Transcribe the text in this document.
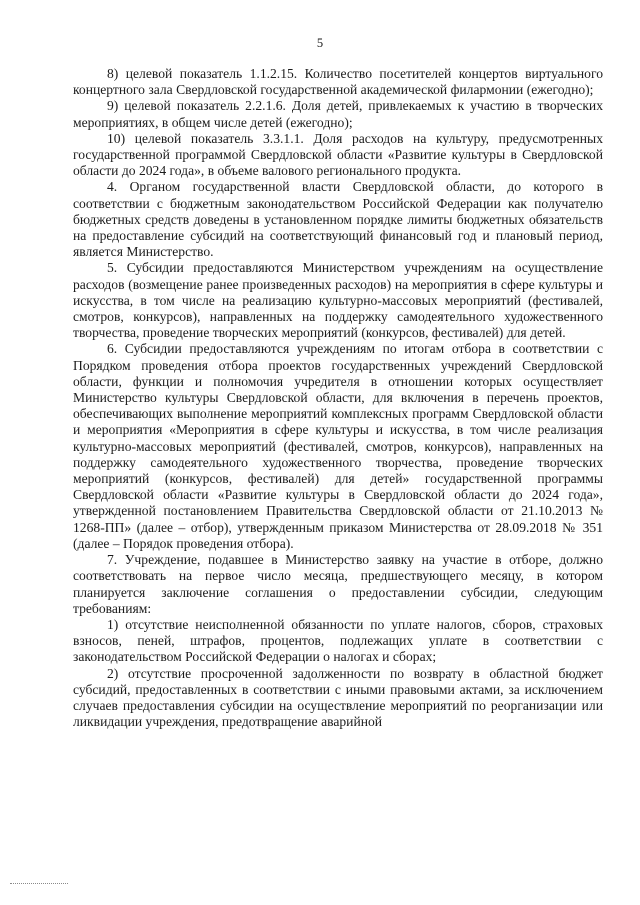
5

8) целевой показатель 1.1.2.15. Количество посетителей концертов виртуального концертного зала Свердловской государственной академической филармонии (ежегодно);

9) целевой показатель 2.2.1.6. Доля детей, привлекаемых к участию в творческих мероприятиях, в общем числе детей (ежегодно);

10) целевой показатель 3.3.1.1. Доля расходов на культуру, предусмотренных государственной программой Свердловской области «Развитие культуры в Свердловской области до 2024 года», в объеме валового регионального продукта.

4. Органом государственной власти Свердловской области, до которого в соответствии с бюджетным законодательством Российской Федерации как получателю бюджетных средств доведены в установленном порядке лимиты бюджетных обязательств на предоставление субсидий на соответствующий финансовый год и плановый период, является Министерство.

5. Субсидии предоставляются Министерством учреждениям на осуществление расходов (возмещение ранее произведенных расходов) на мероприятия в сфере культуры и искусства, в том числе на реализацию культурно-массовых мероприятий (фестивалей, смотров, конкурсов), направленных на поддержку самодеятельного художественного творчества, проведение творческих мероприятий (конкурсов, фестивалей) для детей.

6. Субсидии предоставляются учреждениям по итогам отбора в соответствии с Порядком проведения отбора проектов государственных учреждений Свердловской области, функции и полномочия учредителя в отношении которых осуществляет Министерство культуры Свердловской области, для включения в перечень проектов, обеспечивающих выполнение мероприятий комплексных программ Свердловской области и мероприятия «Мероприятия в сфере культуры и искусства, в том числе реализация культурно-массовых мероприятий (фестивалей, смотров, конкурсов), направленных на поддержку самодеятельного художественного творчества, проведение творческих мероприятий (конкурсов, фестивалей) для детей» государственной программы Свердловской области «Развитие культуры в Свердловской области до 2024 года», утвержденной постановлением Правительства Свердловской области от 21.10.2013 № 1268-ПП» (далее – отбор), утвержденным приказом Министерства от 28.09.2018 № 351 (далее – Порядок проведения отбора).

7. Учреждение, подавшее в Министерство заявку на участие в отборе, должно соответствовать на первое число месяца, предшествующего месяцу, в котором планируется заключение соглашения о предоставлении субсидии, следующим требованиям:

1) отсутствие неисполненной обязанности по уплате налогов, сборов, страховых взносов, пеней, штрафов, процентов, подлежащих уплате в соответствии с законодательством Российской Федерации о налогах и сборах;

2) отсутствие просроченной задолженности по возврату в областной бюджет субсидий, предоставленных в соответствии с иными правовыми актами, за исключением случаев предоставления субсидии на осуществление мероприятий по реорганизации или ликвидации учреждения, предотвращение аварийной
